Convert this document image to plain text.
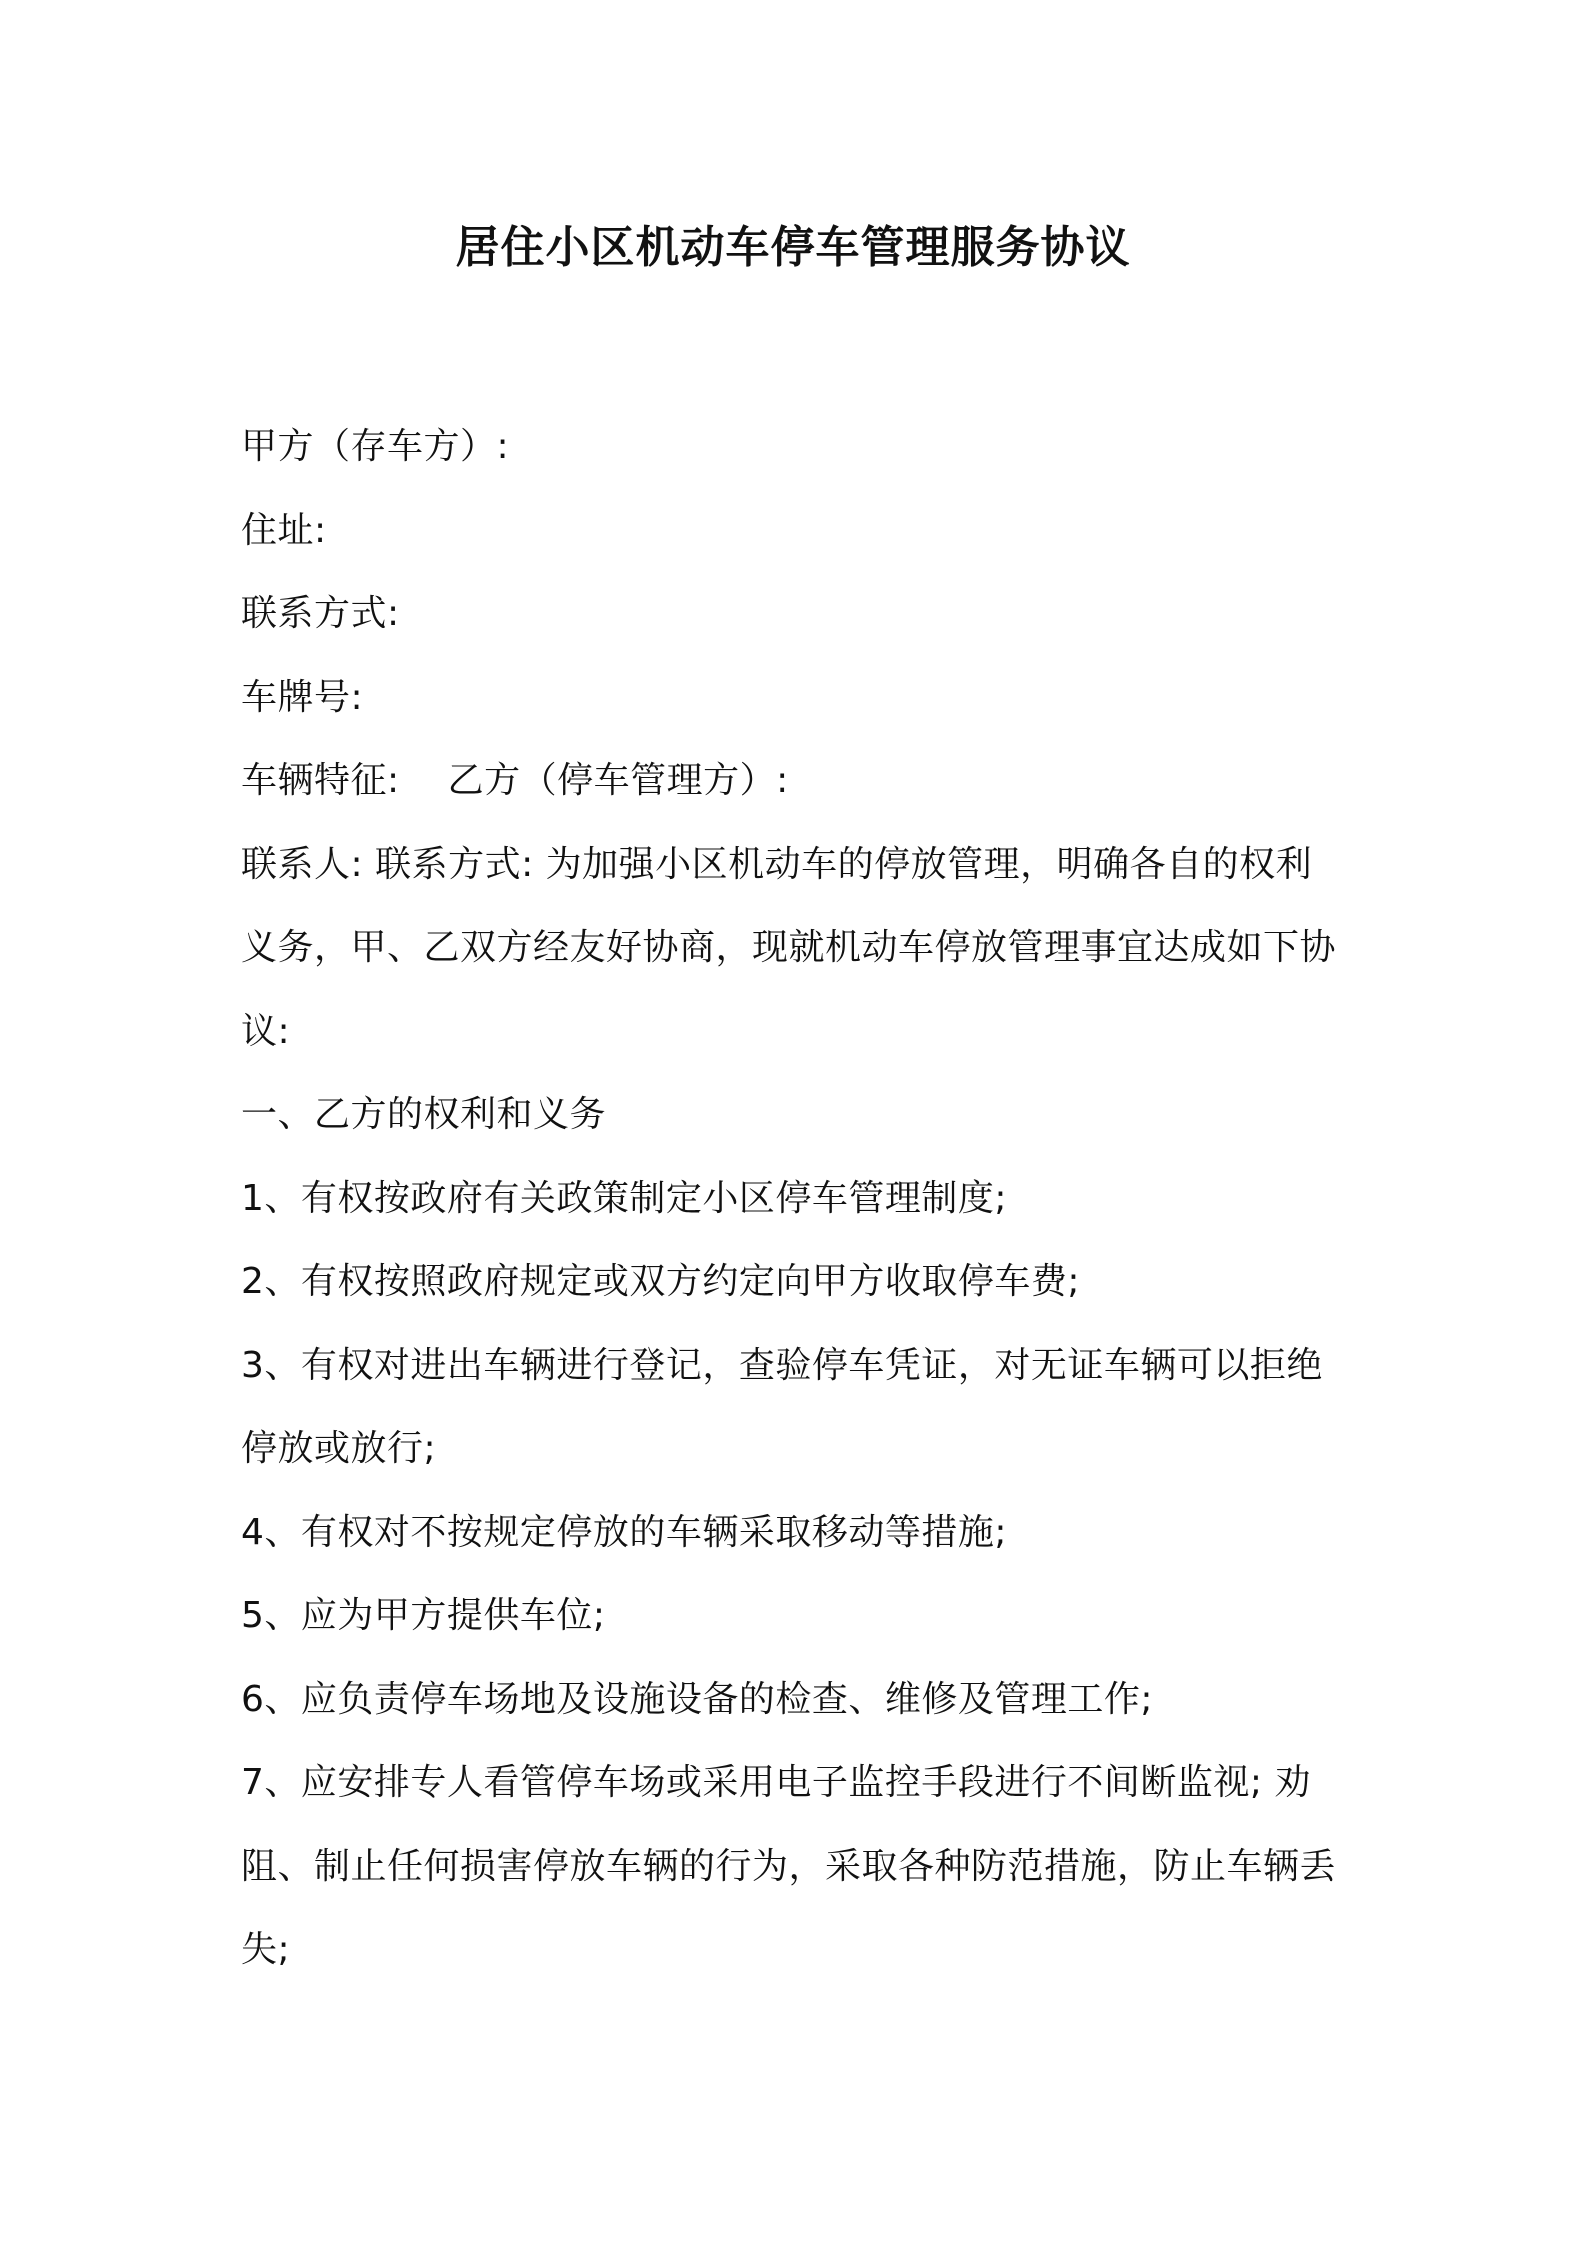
居住小区机动车停车管理服务协议

甲方（存车方）:

住址:

联系方式:

车牌号:

车辆特征: 乙方（停车管理方）:

联系人: 联系方式: 为加强小区机动车的停放管理，明确各自的权利

义务，甲、乙双方经友好协商，现就机动车停放管理事宜达成如下协

议:

一、乙方的权利和义务

1、有权按政府有关政策制定小区停车管理制度;

2、有权按照政府规定或双方约定向甲方收取停车费;

3、有权对进出车辆进行登记，查验停车凭证，对无证车辆可以拒绝

停放或放行;

4、有权对不按规定停放的车辆采取移动等措施;

5、应为甲方提供车位;

6、应负责停车场地及设施设备的检查、维修及管理工作;

7、应安排专人看管停车场或采用电子监控手段进行不间断监视; 劝

阻、制止任何损害停放车辆的行为，采取各种防范措施，防止车辆丢

失;
